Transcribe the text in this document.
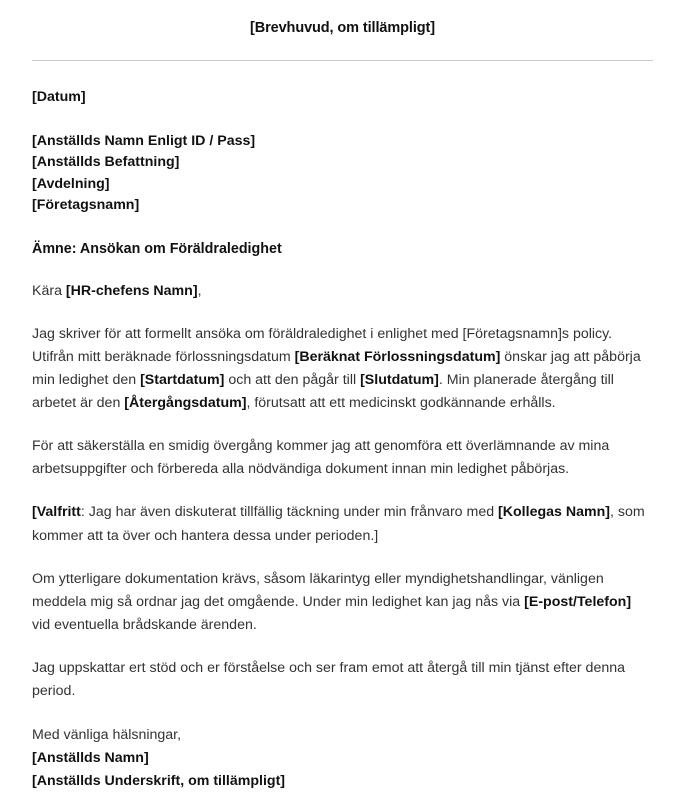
[Brevhuvud, om tillämpligt]
[Datum]
[Anställds Namn Enligt ID / Pass]
[Anställds Befattning]
[Avdelning]
[Företagsnamn]
Ämne: Ansökan om Föräldraledighet
Kära [HR-chefens Namn],

Jag skriver för att formellt ansöka om föräldraledighet i enlighet med [Företagsnamn]s policy. Utifrån mitt beräknade förlossningsdatum [Beräknat Förlossningsdatum] önskar jag att påbörja min ledighet den [Startdatum] och att den pågår till [Slutdatum]. Min planerade återgång till arbetet är den [Återgångsdatum], förutsatt att ett medicinskt godkännande erhålls.

För att säkerställa en smidig övergång kommer jag att genomföra ett överlämnande av mina arbetsuppgifter och förbereda alla nödvändiga dokument innan min ledighet påbörjas.

[Valfritt: Jag har även diskuterat tillfällig täckning under min frånvaro med [Kollegas Namn], som kommer att ta över och hantera dessa under perioden.]

Om ytterligare dokumentation krävs, såsom läkarintyg eller myndighetshandlingar, vänligen meddela mig så ordnar jag det omgående. Under min ledighet kan jag nås via [E-post/Telefon] vid eventuella brådskande ärenden.

Jag uppskattar ert stöd och er förståelse och ser fram emot att återgå till min tjänst efter denna period.

Med vänliga hälsningar,
[Anställds Namn]
[Anställds Underskrift, om tillämpligt]
